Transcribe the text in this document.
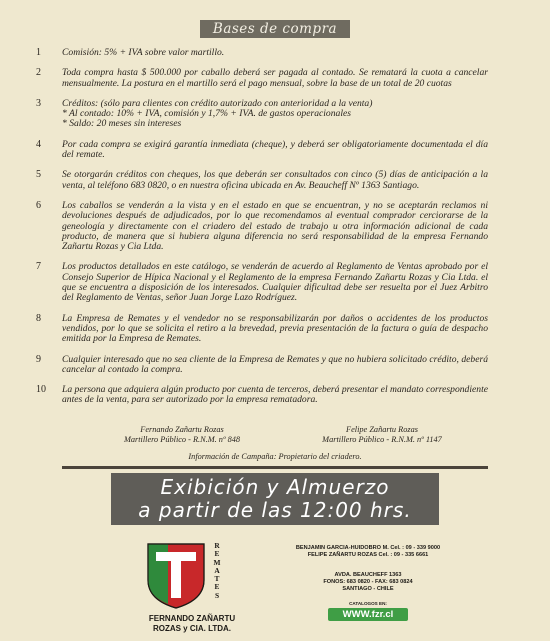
Bases de compra
1 Comisión: 5% + IVA sobre valor martillo.
2 Toda compra hasta $ 500.000 por caballo deberá ser pagada al contado. Se rematará la cuota a cancelar mensualmente. La postura en el martillo será el pago mensual, sobre la base de un total de 20 cuotas
3 Créditos: (sólo para clientes con crédito autorizado con anterioridad a la venta)
* Al contado: 10% + IVA, comisión y 1,7% + IVA. de gastos operacionales
* Saldo: 20 meses sin intereses
4 Por cada compra se exigirá garantía inmediata (cheque), y deberá ser obligatoriamente documentada el día del remate.
5 Se otorgarán créditos con cheques, los que deberán ser consultados con cinco (5) días de anticipación a la venta, al teléfono 683 0820, o en nuestra oficina ubicada en Av. Beaucheff Nº 1363 Santiago.
6 Los caballos se venderán a la vista y en el estado en que se encuentran, y no se aceptarán reclamos ni devoluciones después de adjudicados, por lo que recomendamos al eventual comprador cerciorarse de la geneología y directamente con el criadero del estado de trabajo u otra información adicional de cada producto, de manera que si hubiera alguna diferencia no será responsabilidad de la empresa Fernando Zañartu Rozas y Cia Ltda.
7 Los productos detallados en este catálogo, se venderán de acuerdo al Reglamento de Ventas aprobado por el Consejo Superior de Hípica Nacional y el Reglamento de la empresa Fernando Zañartu Rozas y Cia Ltda. el que se encuentra a disposición de los interesados. Cualquier dificultad debe ser resuelta por el Juez Arbitro del Reglamento de Ventas, señor Juan Jorge Lazo Rodríguez.
8 La Empresa de Remates y el vendedor no se responsabilizarán por daños o accidentes de los productos vendidos, por lo que se solicita el retiro a la brevedad, previa presentación de la factura o guía de despacho emitida por la Empresa de Remates.
9 Cualquier interesado que no sea cliente de la Empresa de Remates y que no hubiera solicitado crédito, deberá cancelar al contado la compra.
10 La persona que adquiera algún producto por cuenta de terceros, deberá presentar el mandato correspondiente antes de la venta, para ser autorizado por la empresa rematadora.
Fernando Zañartu Rozas
Martillero Público - R.N.M. nº 848
Felipe Zañartu Rozas
Martillero Público - R.N.M. nº 1147
Información de Campaña: Propietario del criadero.
Exibición y Almuerzo
a partir de las 12:00 hrs.
R
E
M
A
T
E
S
FERNANDO ZAÑARTU
ROZAS y CIA. LTDA.
BENJAMIN GARCIA-HUIDOBRO M. Cel. : 09 - 339 9000
FELIPE ZAÑARTU ROZAS Cel. : 09 - 335 6661
AVDA. BEAUCHEFF 1363
FONOS: 683 0820 - FAX: 683 0824
SANTIAGO - CHILE
CATALOGOS EN:
WWW.fzr.cl
